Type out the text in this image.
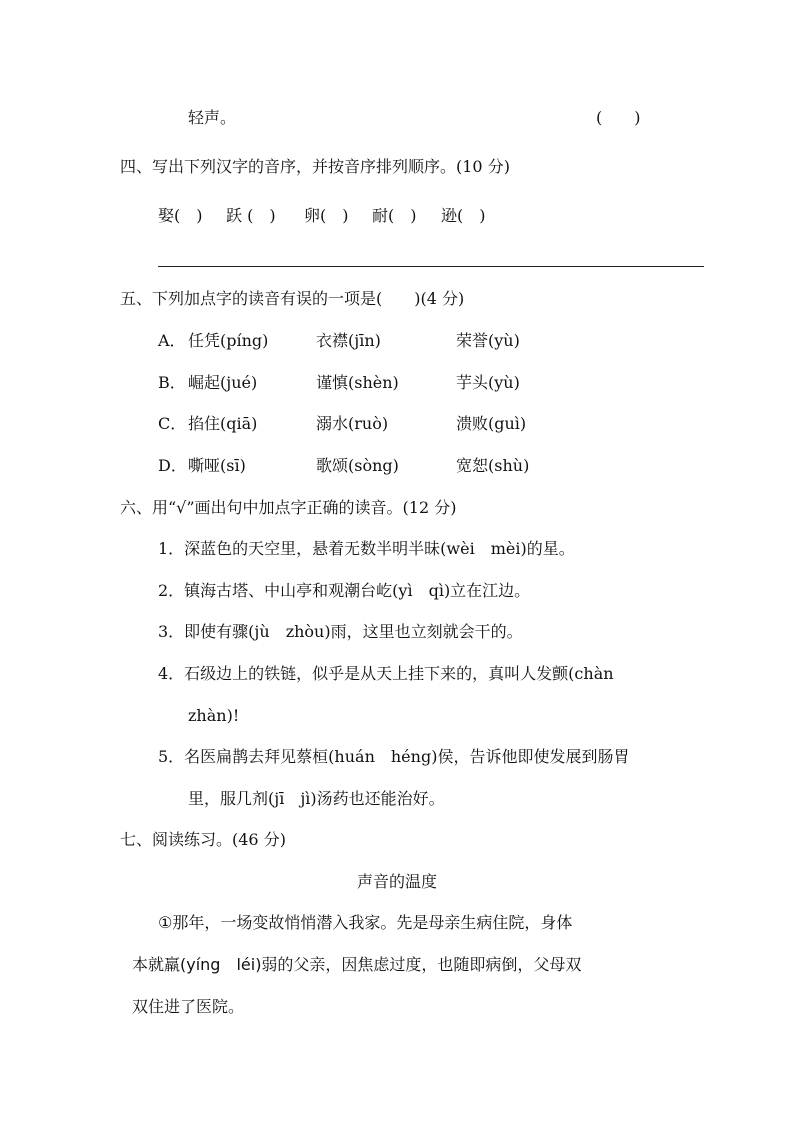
轻声。	(　　)
四、写出下列汉字的音序，并按音序排列顺序。(10 分)
娶(　) 跃 (　) 卵(　) 耐(　) 逊(　)
五、下列加点字的读音有误的一项是(　　)(4 分)
A． 任凭(píng)	衣襟(jīn)	荣誉(yù)
B． 崛起(jué)	谨慎(shèn)	芋头(yù)
C． 掐住(qiā)	溺水(ruò)	溃败(guì)
D． 嘶哑(sī)	歌颂(sòng)	宽恕(shù)
六、用“√”画出句中加点字正确的读音。(12 分)
1．深蓝色的天空里，悬着无数半明半昧(wèi　mèi)的星。
2．镇海古塔、中山亭和观潮台屹(yì　qì)立在江边。
3．即使有骤(jù　zhòu)雨，这里也立刻就会干的。
4．石级边上的铁链，似乎是从天上挂下来的，真叫人发颤(chàn
zhàn)!
5．名医扁鹊去拜见蔡桓(huán　héng)侯，告诉他即使发展到肠胃
里，服几剂(jī　jì)汤药也还能治好。
七、阅读练习。(46 分)
声音的温度
①那年，一场变故悄悄潜入我家。先是母亲生病住院，身体
本就羸(yíng　léi)弱的父亲，因焦虑过度，也随即病倒，父母双
双住进了医院。
